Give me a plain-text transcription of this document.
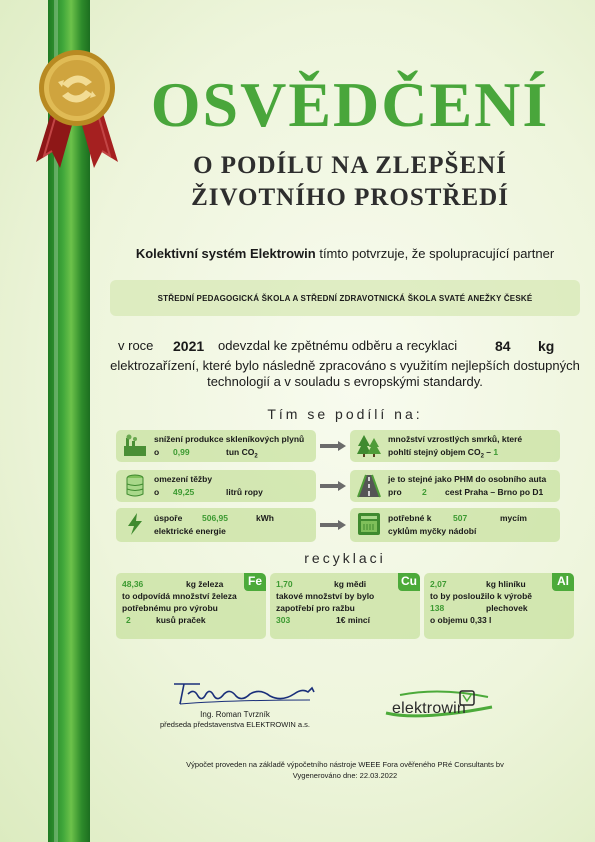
OSVĚDČENÍ
O PODÍLU NA ZLEPŠENÍ
ŽIVOTNÍHO PROSTŘEDÍ
Kolektivní systém Elektrowin tímto potvrzuje, že spolupracující partner
STŘEDNÍ PEDAGOGICKÁ ŠKOLA A STŘEDNÍ ZDRAVOTNICKÁ ŠKOLA SVATÉ ANEŽKY ČESKÉ
v roce 2021 odevzdal ke zpětnému odběru a recyklaci	84 kg
elektrozařízení, které bylo následně zpracováno s využitím nejlepších dostupných technologií a v souladu s evropskými standardy.
Tím se podílí na:
snížení produkce skleníkových plynů
o 0,99	tun $CO_2$
množství vzrostlých smrků, které
pohltí stejný objem $CO_2 - 1$
omezení těžby
o 49,25	litrů ropy
je to stejné jako PHM do osobního auta
pro 2 cest Praha – Brno po D1
úspoře 506,95	kWh
elektrické energie
potřebné k	507	mycím
cyklům myčky nádobí
recyklaci
Fe
48,36	kg železa
to odpovídá množství železa
potřebnému pro výrobu
2	kusů praček
Cu
1,70	kg mědi
takové množství by bylo
zapotřebí pro ražbu
303	1€ mincí
Al
2,07	kg hliníku
to by posloužilo k výrobě
138	plechovek
o objemu 0,33 l
Ing. Roman Tvrzník
předseda představenstva ELEKTROWIN a.s.
elektrowin
Výpočet proveden na základě výpočetního nástroje WEEE Fora ověřeného PRé Consultants bv
Vygenerováno dne: 22.03.2022
